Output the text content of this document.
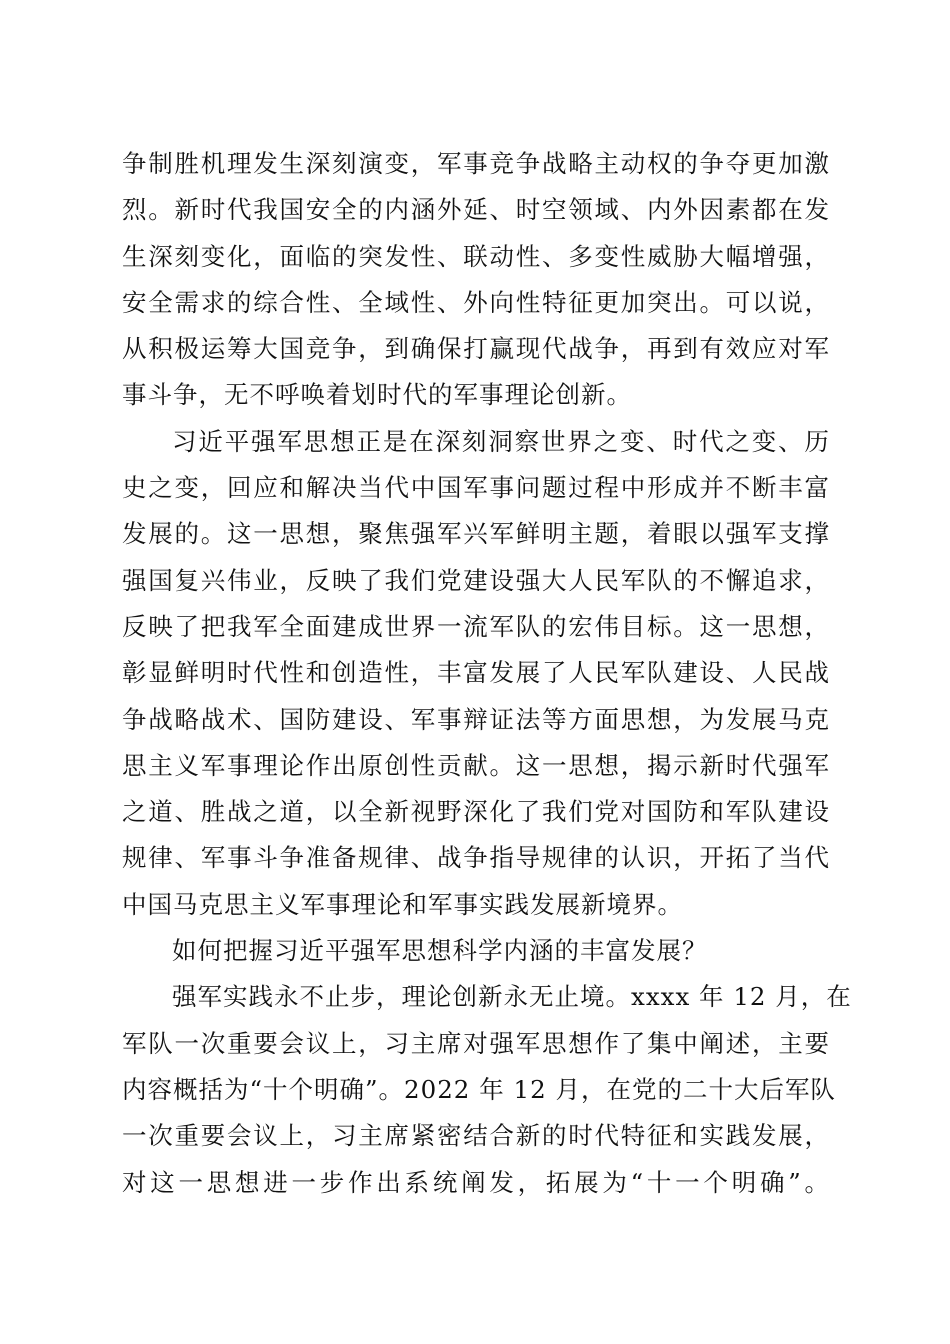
争制胜机理发生深刻演变，军事竞争战略主动权的争夺更加激
烈。新时代我国安全的内涵外延、时空领域、内外因素都在发
生深刻变化，面临的突发性、联动性、多变性威胁大幅增强，
安全需求的综合性、全域性、外向性特征更加突出。可以说，
从积极运筹大国竞争，到确保打赢现代战争，再到有效应对军
事斗争，无不呼唤着划时代的军事理论创新。
习近平强军思想正是在深刻洞察世界之变、时代之变、历
史之变，回应和解决当代中国军事问题过程中形成并不断丰富
发展的。这一思想，聚焦强军兴军鲜明主题，着眼以强军支撑
强国复兴伟业，反映了我们党建设强大人民军队的不懈追求，
反映了把我军全面建成世界一流军队的宏伟目标。这一思想，
彰显鲜明时代性和创造性，丰富发展了人民军队建设、人民战
争战略战术、国防建设、军事辩证法等方面思想，为发展马克
思主义军事理论作出原创性贡献。这一思想，揭示新时代强军
之道、胜战之道，以全新视野深化了我们党对国防和军队建设
规律、军事斗争准备规律、战争指导规律的认识，开拓了当代
中国马克思主义军事理论和军事实践发展新境界。
如何把握习近平强军思想科学内涵的丰富发展？
强军实践永不止步，理论创新永无止境。xxxx 年 12 月，在
军队一次重要会议上，习主席对强军思想作了集中阐述，主要
内容概括为“十个明确”。2022 年 12 月，在党的二十大后军队
一次重要会议上，习主席紧密结合新的时代特征和实践发展，
对这一思想进一步作出系统阐发，拓展为“十一个明确”。
